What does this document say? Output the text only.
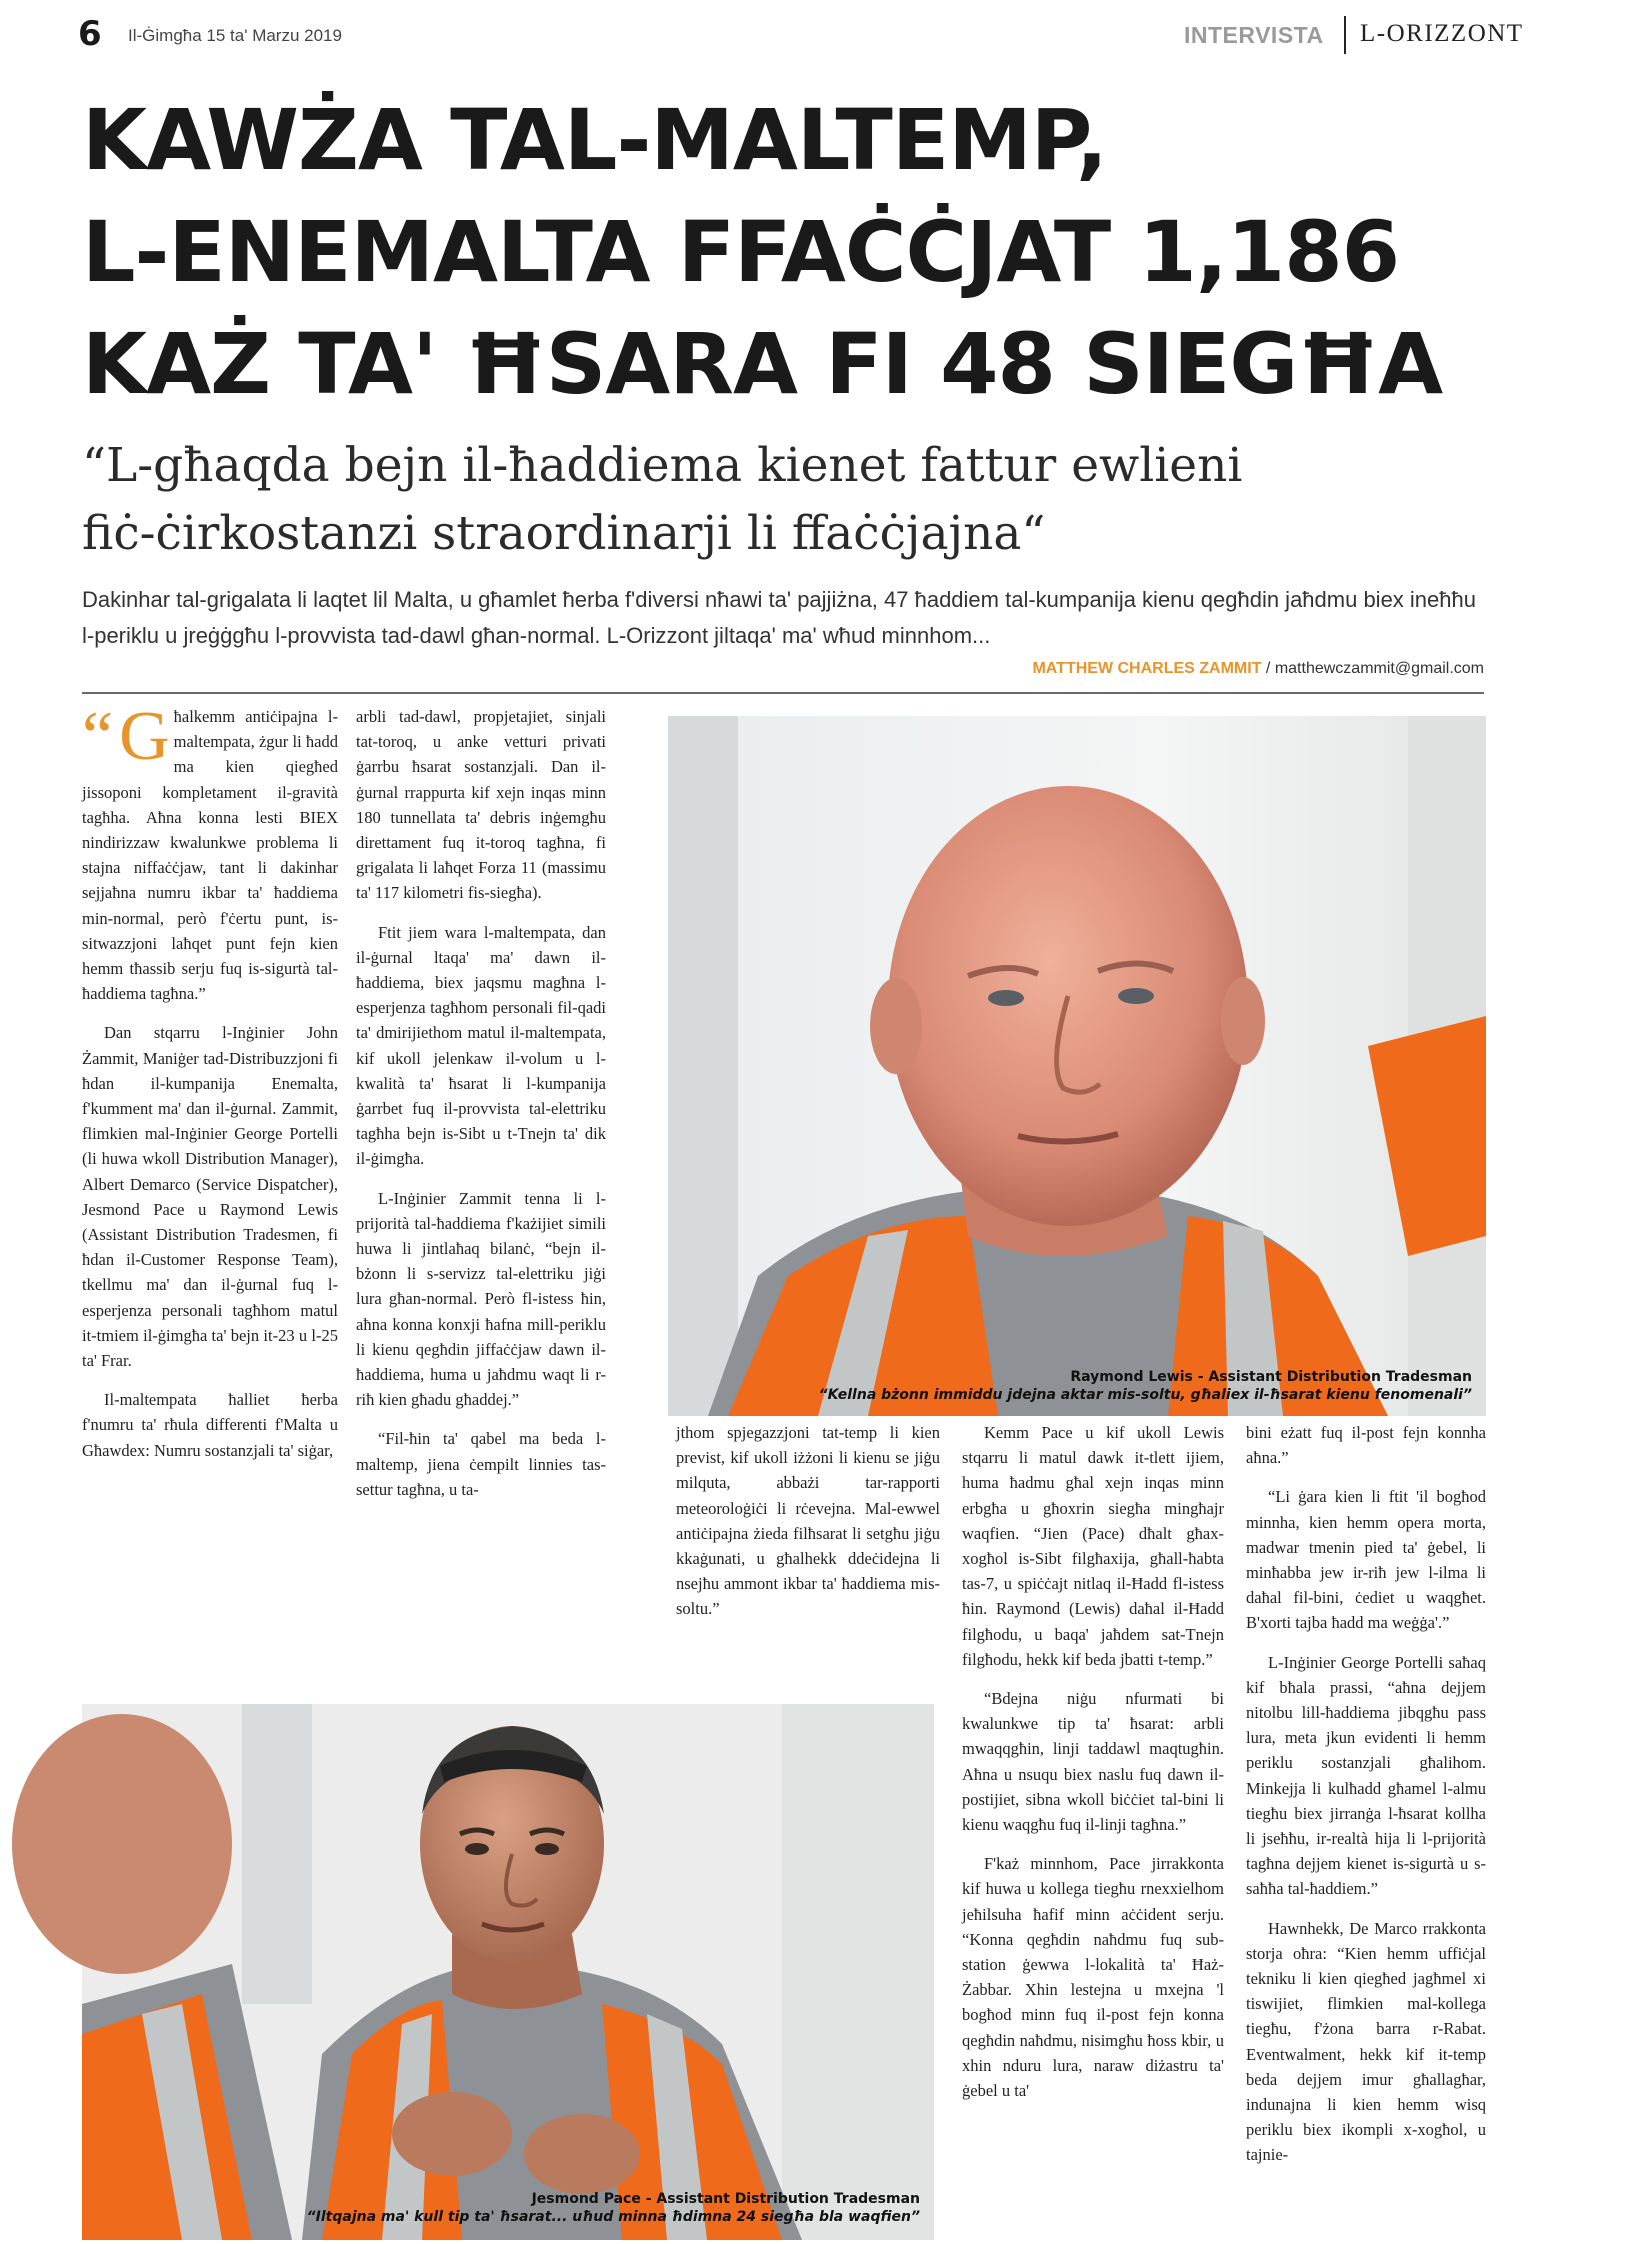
6 Il-Ġimgħa 15 ta' Marzu 2019	INTERVISTA L-ORIZZONT
KAWŻA TAL-MALTEMP,
L-ENEMALTA FFAĊĊJAT 1,186
KAŻ TA' ĦSARA FI 48 SIEGĦA
“L-għaqda bejn il-ħaddiema kienet fattur ewlieni
fiċ-ċirkostanzi straordinarji li ffaċċjajna“
Dakinhar tal-grigalata li laqtet lil Malta, u għamlet ħerba f'diversi nħawi ta' pajjiżna, 47 ħaddiem tal-kumpanija kienu qegħdin jaħdmu biex ineħħu l-periklu u jreġġgħu l-provvista tad-dawl għan-normal. L-Orizzont jiltaqa' ma' wħud minnhom...
MATTHEW CHARLES ZAMMIT / matthewczammit@gmail.com

“ G ħalkemm antiċipajna l-maltempata, żgur li ħadd ma kien qiegħed jissoponi kompletament il-gravità tagħha. Aħna konna lesti BIEX nindirizzaw kwalunkwe problema li stajna niffaċċjaw, tant li dakinhar sejjaħna numru ikbar ta' ħaddiema min-normal, però f'ċertu punt, is-sitwazzjoni laħqet punt fejn kien hemm tħassib serju fuq is-sigurtà tal-ħaddiema tagħna.”

Dan stqarru l-Inġinier John Żammit, Maniġer tad-Distribuzzjoni fi ħdan il-kumpanija Enemalta, f'kumment ma' dan il-ġurnal. Zammit, flimkien mal-Inġinier George Portelli (li huwa wkoll Distribution Manager), Albert Demarco (Service Dispatcher), Jesmond Pace u Raymond Lewis (Assistant Distribution Tradesmen, fi ħdan il-Customer Response Team), tkellmu ma' dan il-ġurnal fuq l-esperjenza personali tagħhom matul it-tmiem il-ġimgħa ta' bejn it-23 u l-25 ta' Frar.

Il-maltempata ħalliet ħerba f'numru ta' rħula differenti f'Malta u Għawdex: Numru sostanzjali ta' siġar,

arbli tad-dawl, propjetajiet, sinjali tat-toroq, u anke vetturi privati ġarrbu ħsarat sostanzjali. Dan il-ġurnal rrappurta kif xejn inqas minn 180 tunnellata ta' debris inġemgħu direttament fuq it-toroq tagħna, fi grigalata li laħqet Forza 11 (massimu ta' 117 kilometri fis-siegħa).

Ftit jiem wara l-maltempata, dan il-ġurnal ltaqa' ma' dawn il-ħaddiema, biex jaqsmu magħna l-esperjenza tagħhom personali fil-qadi ta' dmirijiethom matul il-maltempata, kif ukoll jelenkaw il-volum u l-kwalità ta' ħsarat li l-kumpanija ġarrbet fuq il-provvista tal-elettriku tagħha bejn is-Sibt u t-Tnejn ta' dik il-ġimgħa.

L-Inġinier Zammit tenna li l-prijorità tal-ħaddiema f'każijiet simili huwa li jintlaħaq bilanċ, “bejn il-bżonn li s-servizz tal-elettriku jiġi lura għan-normal. Però fl-istess ħin, aħna konna konxji ħafna mill-periklu li kienu qegħdin jiffaċċjaw dawn il-ħaddiema, huma u jaħdmu waqt li r-riħ kien għadu għaddej.”

“Fil-ħin ta' qabel ma beda l-maltemp, jiena ċempilt linnies tas-settur tagħna, u ta-

jthom spjegazzjoni tat-temp li kien previst, kif ukoll iżżoni li kienu se jiġu milquta, abbażi tar-rapporti meteoroloġiċi li rċevejna. Mal-ewwel antiċipajna żieda filħsarat li setgħu jiġu kkaġunati, u għalhekk ddeċidejna li nsejħu ammont ikbar ta' ħaddiema mis-soltu.”

Kemm Pace u kif ukoll Lewis stqarru li matul dawk it-tlett ijiem, huma ħadmu għal xejn inqas minn erbgħa u għoxrin siegħa mingħajr waqfien. “Jien (Pace) dħalt għax-xogħol is-Sibt filgħaxija, għall-ħabta tas-7, u spiċċajt nitlaq il-Ħadd fl-istess ħin. Raymond (Lewis) daħal il-Ħadd filgħodu, u baqa' jaħdem sat-Tnejn filgħodu, hekk kif beda jbatti t-temp.”

“Bdejna niġu nfurmati bi kwalunkwe tip ta' ħsarat: arbli mwaqqgħin, linji taddawl maqtugħin. Aħna u nsuqu biex naslu fuq dawn il-postijiet, sibna wkoll biċċiet tal-bini li kienu waqgħu fuq il-linji tagħna.”

F'każ minnhom, Pace jirrakkonta kif huwa u kollega tiegħu rnexxielhom jeħilsuha ħafif minn aċċident serju. “Konna qegħdin naħdmu fuq sub-station ġewwa l-lokalità ta' Ħaż-Żabbar. Xhin lestejna u mxejna 'l bogħod minn fuq il-post fejn konna qegħdin naħdmu, nisimgħu ħoss kbir, u xhin nduru lura, naraw diżastru ta' ġebel u ta'

bini eżatt fuq il-post fejn konnha aħna.”

“Li ġara kien li ftit 'il bogħod minnha, kien hemm opera morta, madwar tmenin pied ta' ġebel, li minħabba jew ir-riħ jew l-ilma li daħal fil-bini, ċediet u waqgħet. B'xorti tajba ħadd ma weġġa'.”

L-Inġinier George Portelli saħaq kif bħala prassi, “aħna dejjem nitolbu lill-ħaddiema jibqgħu pass lura, meta jkun evidenti li hemm periklu sostanzjali għalihom. Minkejja li kulħadd għamel l-almu tiegħu biex jirranġa l-ħsarat kollha li jseħħu, ir-realtà hija li l-prijorità tagħna dejjem kienet is-sigurtà u s-saħħa tal-ħaddiem.”

Hawnhekk, De Marco rrakkonta storja oħra: “Kien hemm uffiċjal tekniku li kien qiegħed jagħmel xi tiswijiet, flimkien mal-kollega tiegħu, f'żona barra r-Rabat. Eventwalment, hekk kif it-temp beda dejjem imur għallagħar, indunajna li kien hemm wisq periklu biex ikompli x-xogħol, u tajnie-

Raymond Lewis - Assistant Distribution Tradesman
“Kellna bżonn immiddu jdejna aktar mis-soltu, għaliex il-ħsarat kienu fenomenali”
Jesmond Pace - Assistant Distribution Tradesman
“Iltqajna ma' kull tip ta' ħsarat... uħud minna ħdimna 24 siegħa bla waqfien”
